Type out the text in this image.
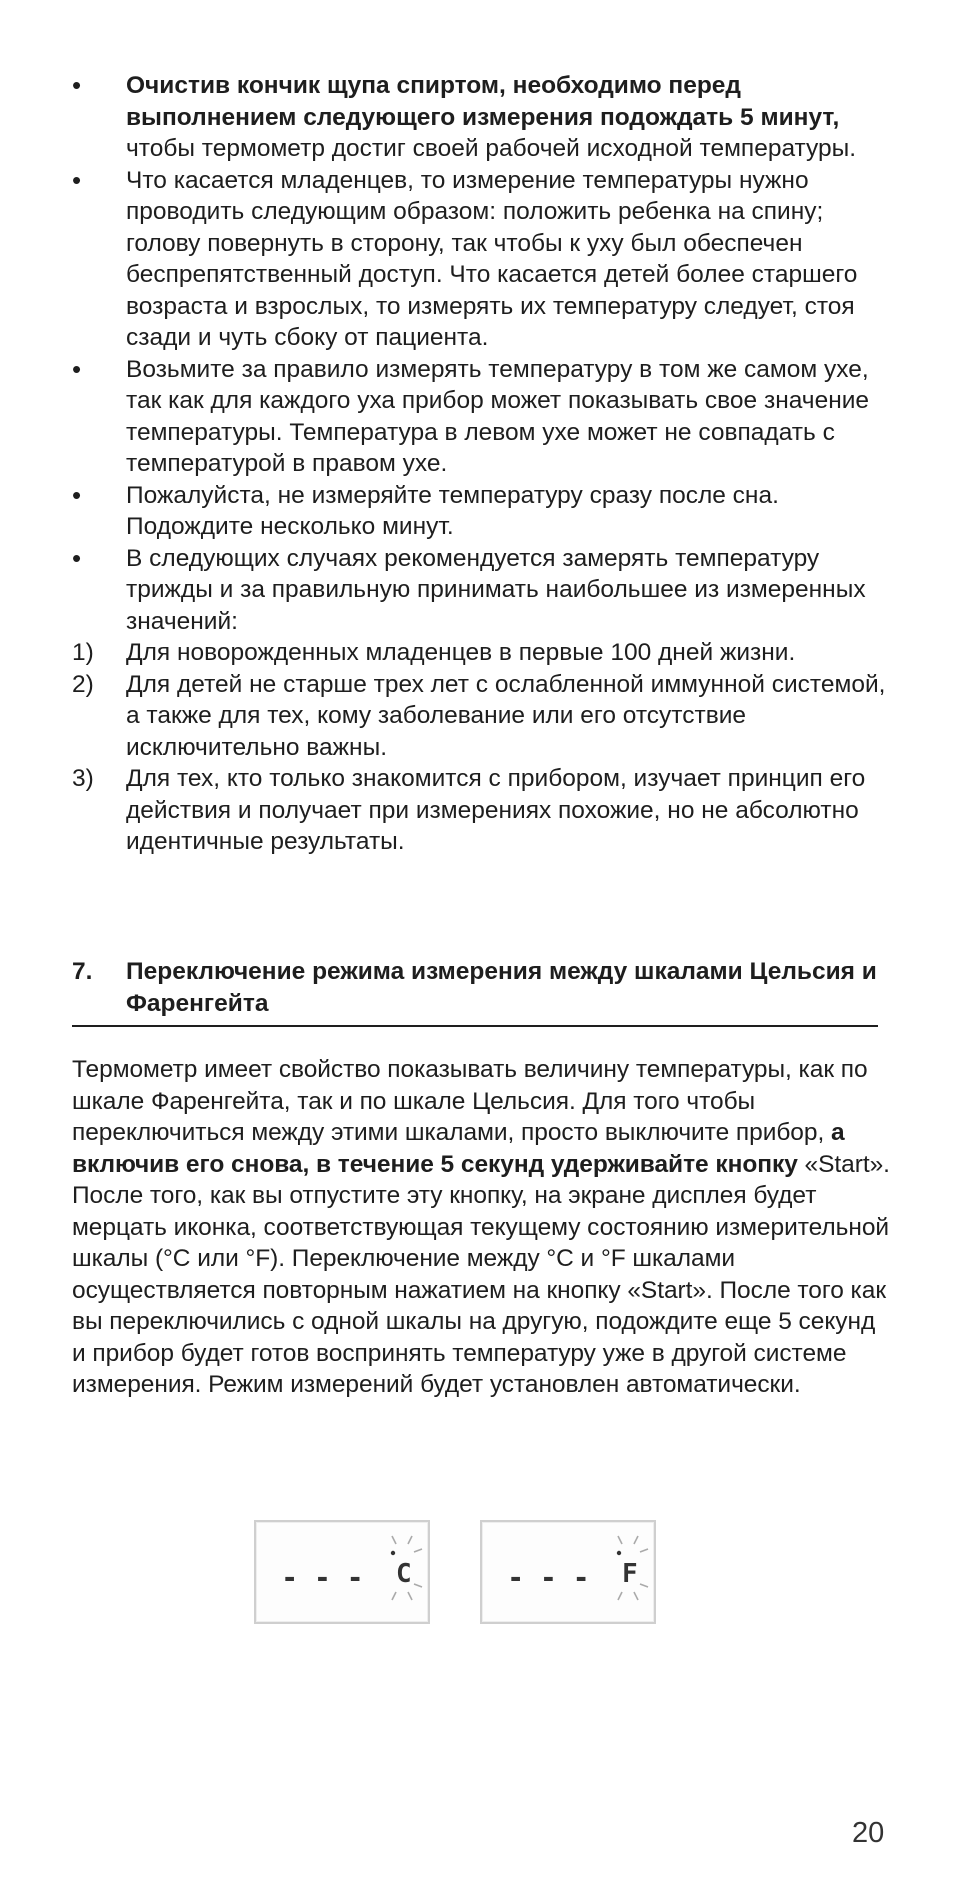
•	Очистив кончик щупа спиртом, необходимо перед выполнением следующего измерения подождать 5 минут, чтобы термометр достиг своей рабочей исходной температуры.
•	Что касается младенцев, то измерение температуры нужно проводить следующим образом: положить ребенка на спину; голову повернуть в сторону, так чтобы к уху был обеспечен беспрепятственный доступ. Что касается детей более старшего возраста и взрослых, то измерять их температуру следует, стоя сзади и чуть сбоку от пациента.
•	Возьмите за правило измерять температуру в том же самом ухе, так как для каждого уха прибор может показывать свое значение температуры. Температура в левом ухе может не совпадать с температурой в правом ухе.
•	Пожалуйста, не измеряйте температуру сразу после сна. Подождите несколько минут.
•	В следующих случаях рекомендуется замерять температуру трижды и за правильную принимать наибольшее из измеренных значений:
1)	Для новорожденных младенцев в первые 100 дней жизни.
2)	Для детей не старше трех лет с ослабленной иммунной системой, а также для тех, кому заболевание или его отсутствие исключительно важны.
3)	Для тех, кто только знакомится с прибором, изучает принцип его действия и получает при измерениях похожие, но не абсолютно идентичные результаты.
7.	Переключение режима измерения между шкалами Цельсия и Фаренгейта
Термометр имеет свойство показывать величину температуры, как по шкале Фаренгейта, так и по шкале Цельсия. Для того чтобы переключиться между этими шкалами, просто выключите прибор, а включив его снова, в течение 5 секунд удерживайте кнопку «Start». После того, как вы отпустите эту кнопку, на экране дисплея будет мерцать иконка, соответствующая текущему состоянию измерительной шкалы (°C или °F). Переключение между °C и °F шкалами осуществляется повторным нажатием на кнопку «Start». После того как вы переключились с одной шкалы на другую, подождите еще 5 секунд и прибор будет готов воспринять температуру уже в другой системе измерения. Режим измерений будет установлен автоматически.
- - - C	- - - F
20
